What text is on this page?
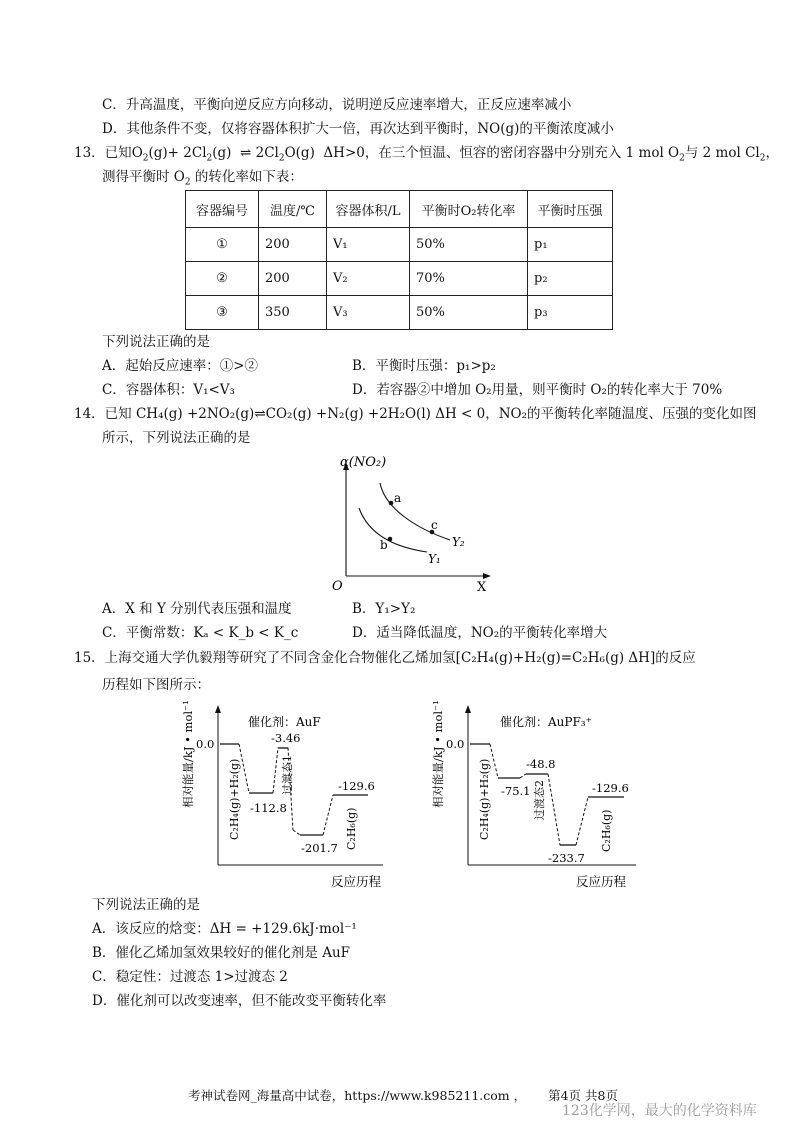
C．升高温度，平衡向逆反应方向移动，说明逆反应速率增大，正反应速率减小
D．其他条件不变，仅将容器体积扩大一倍，再次达到平衡时，NO(g)的平衡浓度减小
13．已知$O_2(g)+ 2Cl_2(g)$  ⇌ $2Cl_2O(g)$  ΔH>0，在三个恒温、恒容的密闭容器中分别充入 1 mol $O_2$与 2 mol $Cl_2$，
测得平衡时 $O_2$ 的转化率如下表：
容器编号	温度/℃	容器体积/L	平衡时O₂转化率	平衡时压强
①	200	V₁	50%	p₁
②	200	V₂	70%	p₂
③	350	V₃	50%	p₃
下列说法正确的是
A．起始反应速率：①>②	B．平衡时压强：p₁>p₂
C．容器体积：V₁<V₃	D．若容器②中增加 O₂用量，则平衡时 O₂的转化率大于 70%
14．已知 CH₄(g) +2NO₂(g)⇌CO₂(g) +N₂(g) +2H₂O(l) ΔH < 0，NO₂的平衡转化率随温度、压强的变化如图
所示，下列说法正确的是
α(NO₂)
O	X
a
c
b	Y₂
Y₁
A．X 和 Y 分别代表压强和温度	B．Y₁>Y₂
C．平衡常数：Kₐ < K_b < K_c	D．适当降低温度，NO₂的平衡转化率增大
15．上海交通大学仇毅翔等研究了不同含金化合物催化乙烯加氢[C₂H₄(g)+H₂(g)=C₂H₆(g) ΔH]的反应
历程如下图所示：
相对能量/kJ • mol⁻¹
反应历程
催化剂：AuF
0.0
-112.8
-3.46
-201.7
-129.6
C₂H₄(g)+H₂(g)	过渡态1
C₂H₆(g)
相对能量/kJ • mol⁻¹
反应历程
催化剂：AuPF₃⁺
0.0
-75.1
-48.8
-233.7
-129.6
C₂H₄(g)+H₂(g)	过渡态2
C₂H₆(g)
下列说法正确的是
A．该反应的焓变：ΔH = +129.6kJ·mol⁻¹
B．催化乙烯加氢效果较好的催化剂是 AuF
C．稳定性：过渡态 1>过渡态 2
D．催化剂可以改变速率，但不能改变平衡转化率
考神试卷网_海量高中试卷，https://www.k985211.com ， 第4页 共8页
123化学网，最大的化学资料库
